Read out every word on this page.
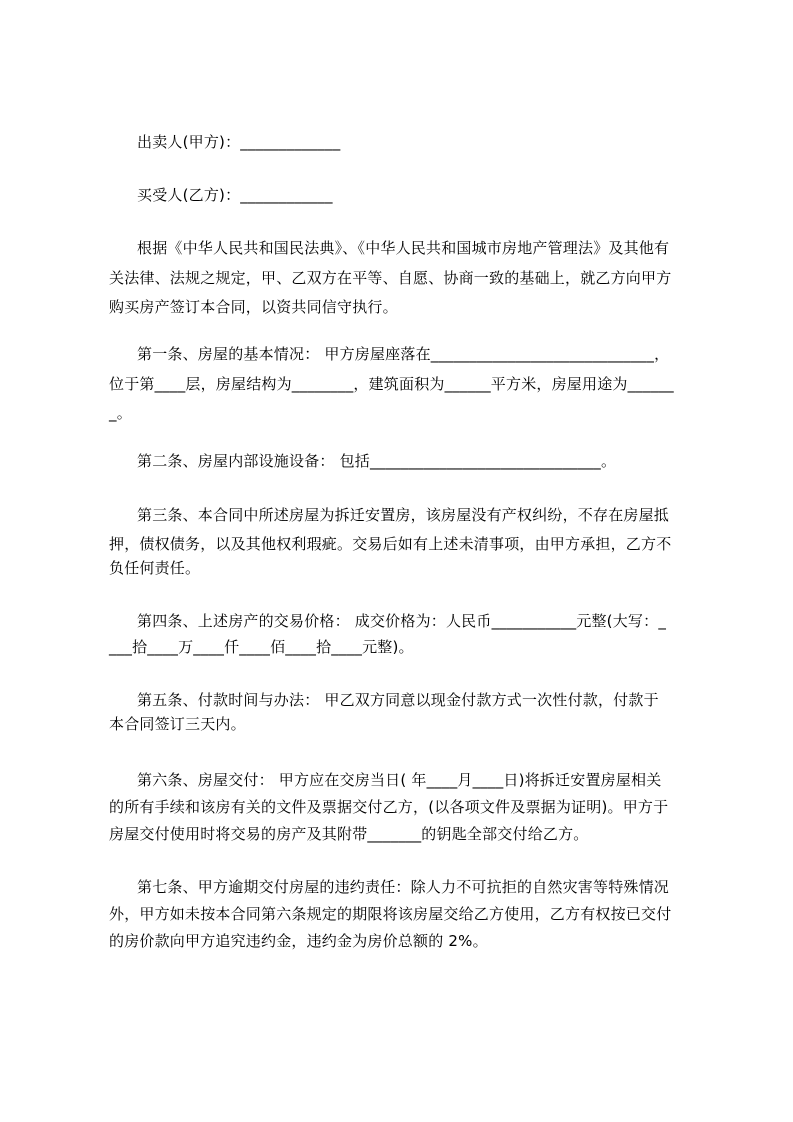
出卖人(甲方)：_____________
买受人(乙方)：____________
根据《中华人民共和国民法典》、《中华人民共和国城市房地产管理法》及其他有
关法律、法规之规定，甲、乙双方在平等、自愿、协商一致的基础上，就乙方向甲方
购买房产签订本合同，以资共同信守执行。
第一条、房屋的基本情况： 甲方房屋座落在_____________________________，
位于第____层，房屋结构为________，建筑面积为______平方米，房屋用途为______
_。
第二条、房屋内部设施设备： 包括______________________________。
第三条、本合同中所述房屋为拆迁安置房，该房屋没有产权纠纷，不存在房屋抵
押，债权债务，以及其他权利瑕疵。交易后如有上述未清事项，由甲方承担，乙方不
负任何责任。
第四条、上述房产的交易价格： 成交价格为：人民币___________元整(大写：_
___拾____万____仟____佰____拾____元整)。
第五条、付款时间与办法： 甲乙双方同意以现金付款方式一次性付款，付款于
本合同签订三天内。
第六条、房屋交付： 甲方应在交房当日( 年____月____日)将拆迁安置房屋相关
的所有手续和该房有关的文件及票据交付乙方，(以各项文件及票据为证明)。甲方于
房屋交付使用时将交易的房产及其附带_______的钥匙全部交付给乙方。
第七条、甲方逾期交付房屋的违约责任：除人力不可抗拒的自然灾害等特殊情况
外，甲方如未按本合同第六条规定的期限将该房屋交给乙方使用，乙方有权按已交付
的房价款向甲方追究违约金，违约金为房价总额的 2%。
